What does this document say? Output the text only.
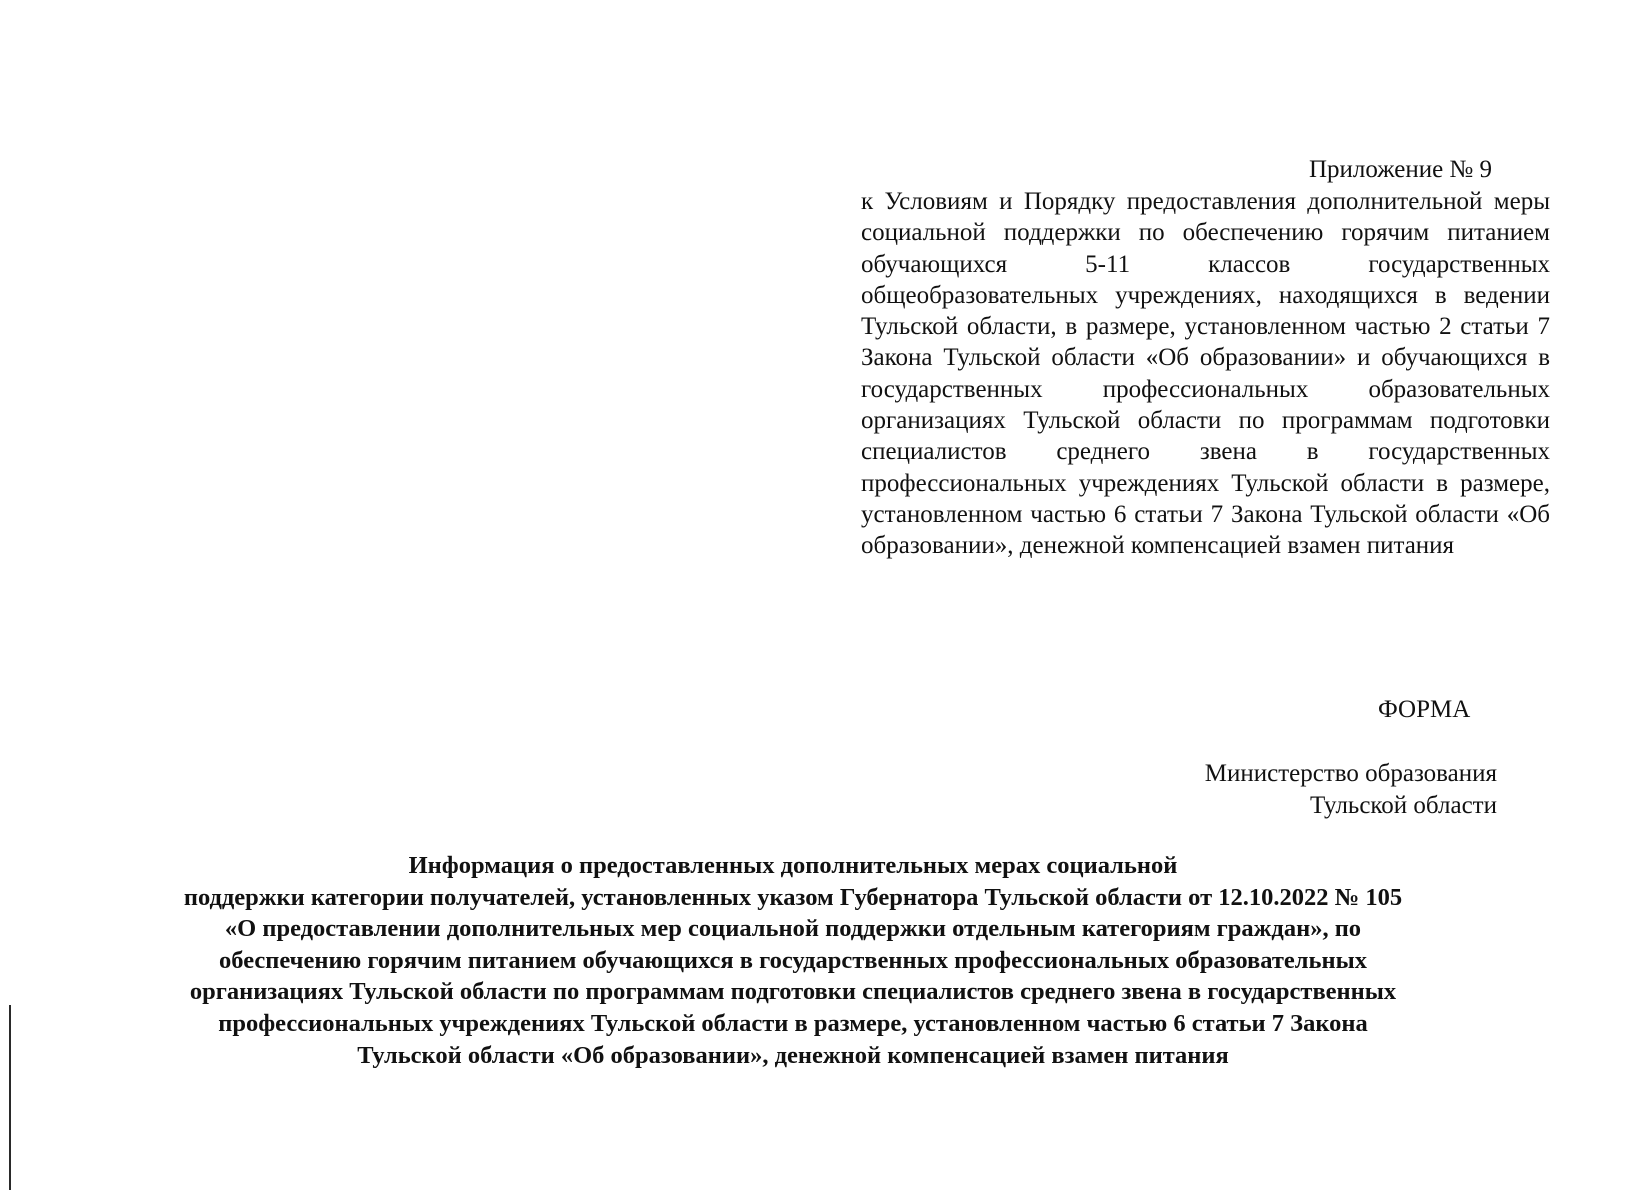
Приложение № 9
к Условиям и Порядку предоставления дополнительной меры социальной поддержки по обеспечению горячим питанием обучающихся 5-11 классов государственных общеобразовательных учреждениях, находящихся в ведении Тульской области, в размере, установленном частью 2 статьи 7 Закона Тульской области «Об образовании» и обучающихся в государственных профессиональных образовательных организациях Тульской области по программам подготовки специалистов среднего звена в государственных профессиональных учреждениях Тульской области в размере, установленном частью 6 статьи 7 Закона Тульской области «Об образовании», денежной компенсацией взамен питания
ФОРМА
Министерство образования
Тульской области
Информация о предоставленных дополнительных мерах социальной
поддержки категории получателей, установленных указом Губернатора Тульской области от 12.10.2022 № 105
«О предоставлении дополнительных мер социальной поддержки отдельным категориям граждан», по
обеспечению горячим питанием обучающихся в государственных профессиональных образовательных
организациях Тульской области по программам подготовки специалистов среднего звена в государственных
профессиональных учреждениях Тульской области в размере, установленном частью 6 статьи 7 Закона
Тульской области «Об образовании», денежной компенсацией взамен питания
